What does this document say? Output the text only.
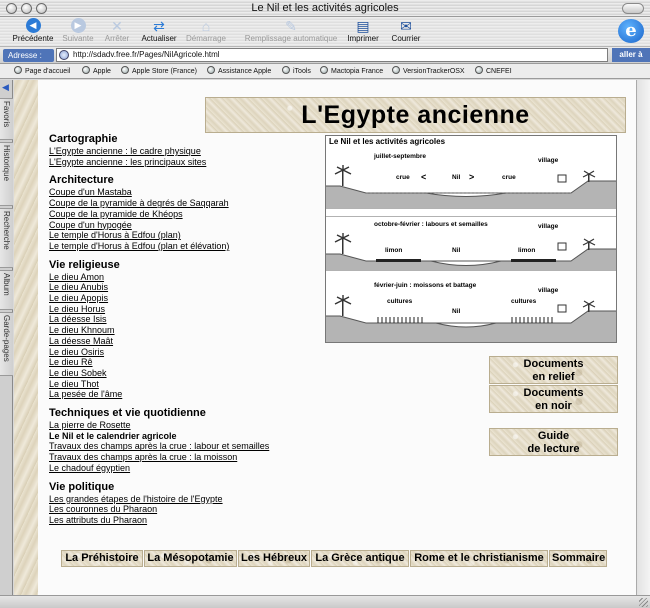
Le Nil et les activités agricoles
◀
Précédente
▶
Suivante
✕
Arrêter
⇄
Actualiser
⌂
Démarrage
✎
Remplissage automatique
▤
Imprimer
✉
Courrier	e
Adresse :	http://sdadv.free.fr/Pages/NilAgricole.html	aller à
Page d'accueil	Apple	Apple Store (France)	Assistance Apple	iTools	Mactopia France	VersionTrackerOSX	CNEFEI
◀
Favoris
Historique
Recherche
Album
Garde-pages
L'Egypte ancienne
Cartographie
L'Egypte ancienne : le cadre physique
L'Egypte ancienne : les principaux sites
Architecture
Coupe d'un Mastaba
Coupe de la pyramide à degrés de Saqqarah
Coupe de la pyramide de Khéops
Coupe d'un hypogée
Le temple d'Horus à Edfou (plan)
Le temple d'Horus à Edfou (plan et élévation)
Vie religieuse
Le dieu Amon
Le dieu Anubis
Le dieu Apopis
Le dieu Horus
La déesse Isis
Le dieu Khnoum
La déesse Maât
Le dieu Osiris
Le dieu Rê
Le dieu Sobek
Le dieu Thot
La pesée de l'âme
Techniques et vie quotidienne
La pierre de Rosette
Le Nil et le calendrier agricole
Travaux des champs après la crue : labour et semailles
Travaux des champs après la crue : la moisson
Le chadouf égyptien
Vie politique
Les grandes étapes de l'histoire de l'Egypte
Les couronnes du Pharaon
Les attributs du Pharaon
Le Nil et les activités agricoles
juillet-septembre
crue <	Nil >	crue
village
octobre-février : labours et semailles
limon	Nil	limon
village
février-juin : moissons et battage
cultures
Nil
cultures
village
Documents
en relief
Documents
en noir
Guide
de lecture
La Préhistoire La Mésopotamie Les Hébreux La Grèce antique Rome et le christianisme Sommaire
